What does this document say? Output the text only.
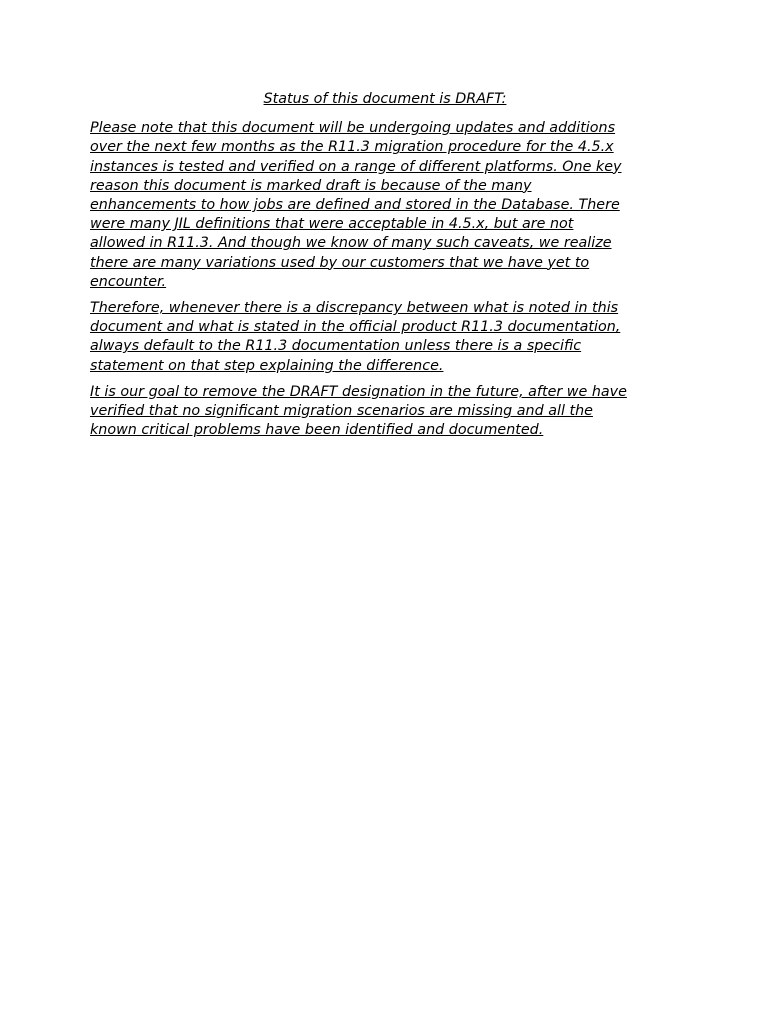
Status of this document is DRAFT:
Please note that this document will be undergoing updates and additions
over the next few months as the R11.3 migration procedure for the 4.5.x
instances is tested and verified on a range of different platforms. One key
reason this document is marked draft is because of the many
enhancements to how jobs are defined and stored in the Database. There
were many JIL definitions that were acceptable in 4.5.x, but are not
allowed in R11.3. And though we know of many such caveats, we realize
there are many variations used by our customers that we have yet to
encounter.
Therefore, whenever there is a discrepancy between what is noted in this
document and what is stated in the official product R11.3 documentation,
always default to the R11.3 documentation unless there is a specific
statement on that step explaining the difference.
It is our goal to remove the DRAFT designation in the future, after we have
verified that no significant migration scenarios are missing and all the
known critical problems have been identified and documented.
